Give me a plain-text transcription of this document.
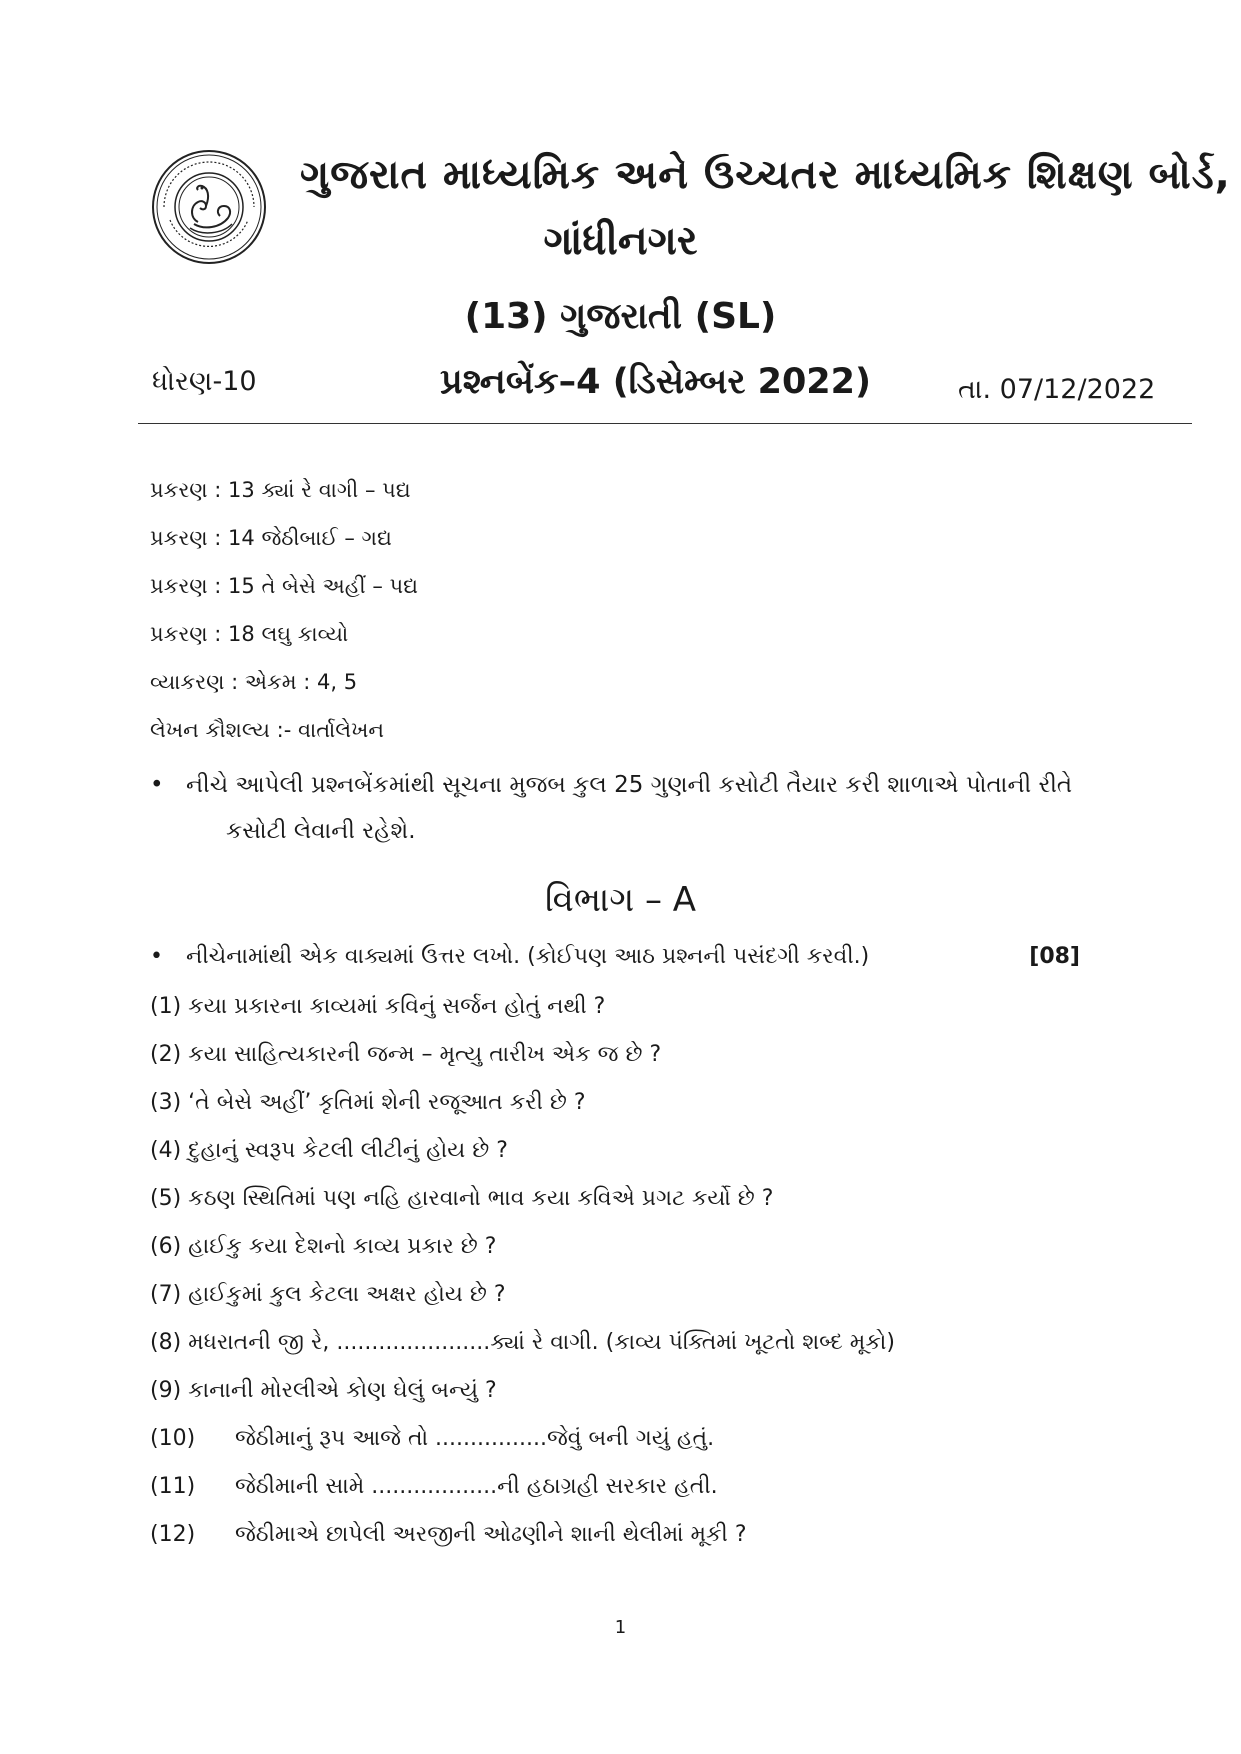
ગુજરાત માધ્યમિક અને ઉચ્ચતર માધ્યમિક શિક્ષણ બોર્ડ,
ગાંધીનગર
(13) ગુજરાતી (SL)
ધોરણ-10	પ્રશ્નબેંક–4 (ડિસેમ્બર 2022)	તા. 07/12/2022
પ્રકરણ : 13 ક્યાં રે વાગી – પદ્ય
પ્રકરણ : 14 જેઠીબાઈ – ગદ્ય
પ્રકરણ : 15 તે બેસે અહીં – પદ્ય
પ્રકરણ : 18 લઘુ કાવ્યો
વ્યાકરણ : એકમ : 4, 5
લેખન કૌશલ્ય :- વાર્તાલેખન
• નીચે આપેલી પ્રશ્નબેંકમાંથી સૂચના મુજબ કુલ 25 ગુણની કસોટી તૈયાર કરી શાળાએ પોતાની રીતે
કસોટી લેવાની રહેશે.
વિભાગ – A
• નીચેનામાંથી એક વાક્યમાં ઉત્તર લખો. (કોઈપણ આઠ પ્રશ્નની પસંદગી કરવી.)	[08]
(1) કયા પ્રકારના કાવ્યમાં કવિનું સર્જન હોતું નથી ?
(2) કયા સાહિત્યકારની જન્મ – મૃત્યુ તારીખ એક જ છે ?
(3) ‘તે બેસે અહીં’ કૃતિમાં શેની રજૂઆત કરી છે ?
(4) દુહાનું સ્વરૂપ કેટલી લીટીનું હોય છે ?
(5) કઠણ સ્થિતિમાં પણ નહિ હારવાનો ભાવ કયા કવિએ પ્રગટ કર્યો છે ?
(6) હાઈકુ કયા દેશનો કાવ્ય પ્રકાર છે ?
(7) હાઈકુમાં કુલ કેટલા અક્ષર હોય છે ?
(8) મધરાતની જી રે, ......................ક્યાં રે વાગી. (કાવ્ય પંક્તિમાં ખૂટતો શબ્દ મૂકો)
(9) કાનાની મોરલીએ કોણ ઘેલું બન્યું ?
(10) જેઠીમાનું રૂપ આજે તો ................જેવું બની ગયું હતું.
(11) જેઠીમાની સામે ..................ની હઠાગ્રહી સરકાર હતી.
(12) જેઠીમાએ છાપેલી અરજીની ઓઢણીને શાની થેલીમાં મૂકી ?
1
